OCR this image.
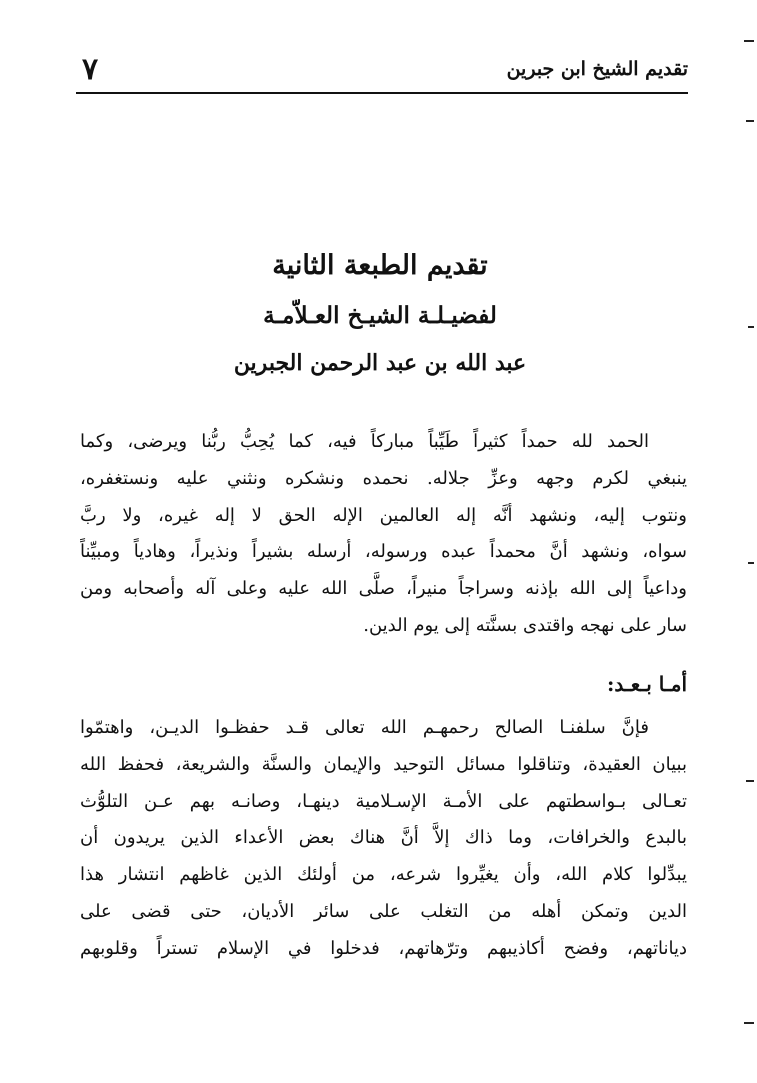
تقديم الشيخ ابن جبرين
٧
تقديم الطبعة الثانية
لفضيـلـة الشيـخ العـلاّمـة
عبد الله بن عبد الرحمن الجبرين
الحمد لله حمداً كثيراً طَيِّباً مباركاً فيه، كما يُحِبُّ ربُّنا ويرضى، وكما
ينبغي لكرم وجهه وعزِّ جلاله. نحمده ونشكره ونثني عليه ونستغفره،
ونتوب إليه، ونشهد أنَّه إله العالمين الإله الحق لا إله غيره، ولا ربَّ
سواه، ونشهد أنَّ محمداً عبده ورسوله، أرسله بشيراً ونذيراً، وهادياً ومبيِّناً
وداعياً إلى الله بإذنه وسراجاً منيراً، صلَّى الله عليه وعلى آله وأصحابه ومن
سار على نهجه واقتدى بسنَّته إلى يوم الدين.
أمـا بـعـد:
فإنَّ سلفنـا الصالح رحمهـم الله تعالى قـد حفظـوا الديـن، واهتمّوا
ببيان العقيدة، وتناقلوا مسائل التوحيد والإيمان والسنَّة والشريعة، فحفظ الله
تعـالى بـواسطتهم على الأمـة الإسـلامية دينهـا، وصانـه بهم عـن التلوُّث
بالبدع والخرافات، وما ذاك إلاَّ أنَّ هناك بعض الأعداء الذين يريدون أن
يبدِّلوا كلام الله، وأن يغيِّروا شرعه، من أولئك الذين غاظهم انتشار هذا
الدين وتمكن أهله من التغلب على سائر الأديان، حتى قضى على
دياناتهم، وفضح أكاذيبهم وترّهاتهم، فدخلوا في الإسلام تستراً وقلوبهم
